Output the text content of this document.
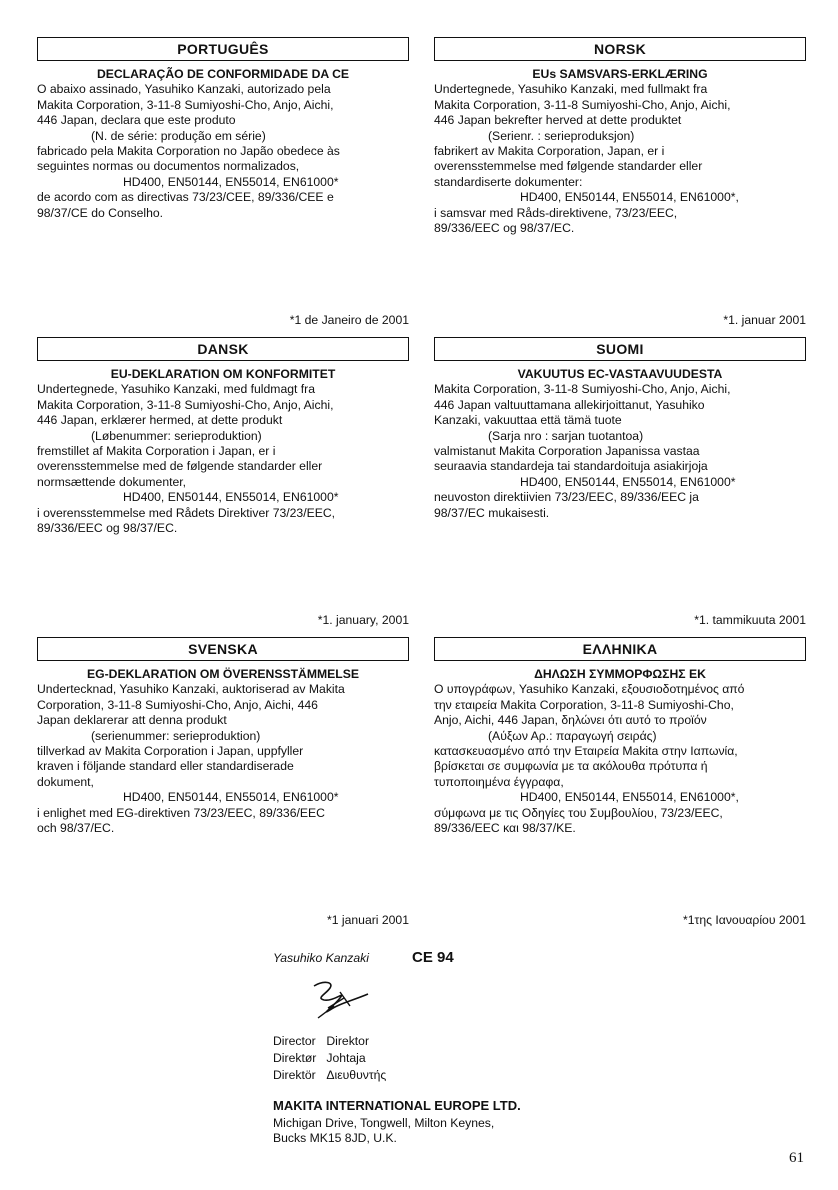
PORTUGUÊS

DECLARAÇÃO DE CONFORMIDADE DA CE

O abaixo assinado, Yasuhiko Kanzaki, autorizado pela

Makita Corporation, 3-11-8 Sumiyoshi-Cho, Anjo, Aichi,

446 Japan, declara que este produto

(N. de série: produção em série)

fabricado pela Makita Corporation no Japão obedece às

seguintes normas ou documentos normalizados,

HD400, EN50144, EN55014, EN61000*

de acordo com as directivas 73/23/CEE, 89/336/CEE e

98/37/CE do Conselho.

*1 de Janeiro de 2001
NORSK

EUs SAMSVARS-ERKLÆRING

Undertegnede, Yasuhiko Kanzaki, med fullmakt fra

Makita Corporation, 3-11-8 Sumiyoshi-Cho, Anjo, Aichi,

446 Japan bekrefter herved at dette produktet

(Serienr. : serieproduksjon)

fabrikert av Makita Corporation, Japan, er i

overensstemmelse med følgende standarder eller

standardiserte dokumenter:

HD400, EN50144, EN55014, EN61000*,

i samsvar med Råds-direktivene, 73/23/EEC,

89/336/EEC og 98/37/EC.

*1. januar 2001
DANSK

EU-DEKLARATION OM KONFORMITET

Undertegnede, Yasuhiko Kanzaki, med fuldmagt fra

Makita Corporation, 3-11-8 Sumiyoshi-Cho, Anjo, Aichi,

446 Japan, erklærer hermed, at dette produkt

(Løbenummer: serieproduktion)

fremstillet af Makita Corporation i Japan, er i

overensstemmelse med de følgende standarder eller

normsættende dokumenter,

HD400, EN50144, EN55014, EN61000*

i overensstemmelse med Rådets Direktiver 73/23/EEC,

89/336/EEC og 98/37/EC.

*1. january, 2001
SUOMI

VAKUUTUS EC-VASTAAVUUDESTA

Makita Corporation, 3-11-8 Sumiyoshi-Cho, Anjo, Aichi,

446 Japan valtuuttamana allekirjoittanut, Yasuhiko

Kanzaki, vakuuttaa että tämä tuote

(Sarja nro : sarjan tuotantoa)

valmistanut Makita Corporation Japanissa vastaa

seuraavia standardeja tai standardoituja asiakirjoja

HD400, EN50144, EN55014, EN61000*

neuvoston direktiivien 73/23/EEC, 89/336/EEC ja

98/37/EC mukaisesti.

*1. tammikuuta 2001
SVENSKA

EG-DEKLARATION OM ÖVERENSSTÄMMELSE

Undertecknad, Yasuhiko Kanzaki, auktoriserad av Makita

Corporation, 3-11-8 Sumiyoshi-Cho, Anjo, Aichi, 446

Japan deklarerar att denna produkt

(serienummer: serieproduktion)

tillverkad av Makita Corporation i Japan, uppfyller

kraven i följande standard eller standardiserade

dokument,

HD400, EN50144, EN55014, EN61000*

i enlighet med EG-direktiven 73/23/EEC, 89/336/EEC

och 98/37/EC.

*1 januari 2001
ΕΛΛΗΝΙΚΑ

ΔΗΛΩΣΗ ΣΥΜΜΟΡΦΩΣΗΣ ΕΚ

Ο υπογράφων, Yasuhiko Kanzaki, εξουσιοδοτημένος από

την εταιρεία Makita Corporation, 3-11-8 Sumiyoshi-Cho,

Anjo, Aichi, 446 Japan, δηλώνει ότι αυτό το προϊόν

(Αύξων Αρ.: παραγωγή σειράς)

κατασκευασμένο από την Εταιρεία Makita στην Ιαπωνία,

βρίσκεται σε συμφωνία με τα ακόλουθα πρότυπα ή

τυποποιημένα έγγραφα,

HD400, EN50144, EN55014, EN61000*,

σύμφωνα με τις Οδηγίες του Συμβουλίου, 73/23/EEC,

89/336/EEC και 98/37/KE.

*1της Ιανουαρίου 2001
Yasuhiko Kanzaki	CE 94
Director	Direktor
Direktør	Johtaja
Direktör	Διευθυντής
MAKITA INTERNATIONAL EUROPE LTD.
Michigan Drive, Tongwell, Milton Keynes,
Bucks MK15 8JD, U.K.
61
